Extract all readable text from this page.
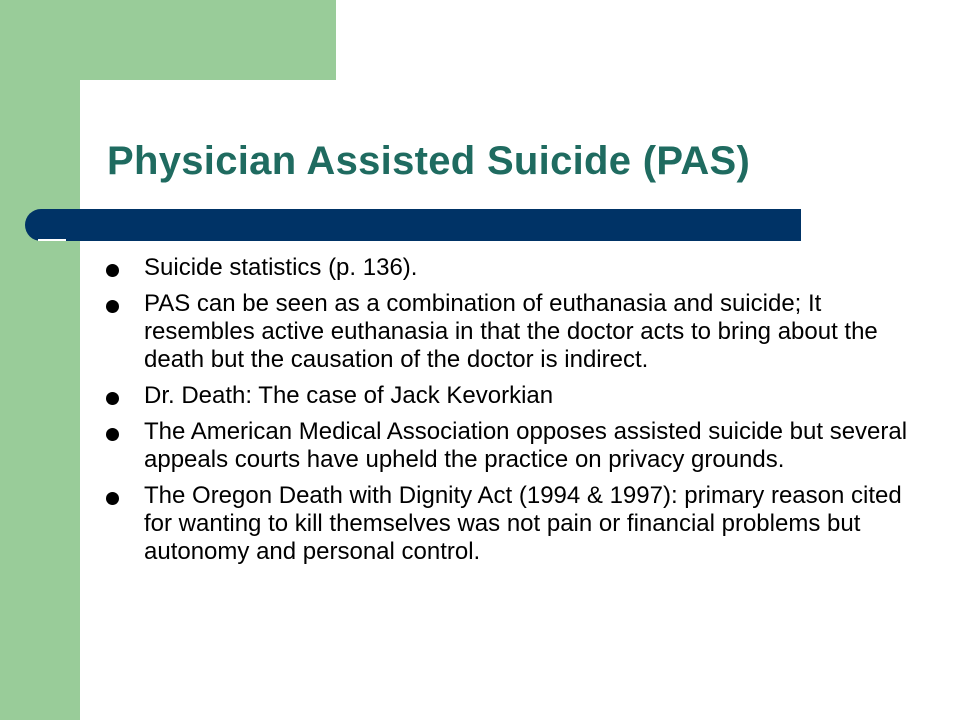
Physician Assisted Suicide (PAS)
Suicide statistics (p. 136).
PAS can be seen as a combination of euthanasia and suicide; It resembles active euthanasia in that the doctor acts to bring about the death but the causation of the doctor is indirect.
Dr. Death: The case of Jack Kevorkian
The American Medical Association opposes assisted suicide but several appeals courts have upheld the practice on privacy grounds.
The Oregon Death with Dignity Act (1994 & 1997): primary reason cited for wanting to kill themselves was not pain or financial problems but autonomy and personal control.
